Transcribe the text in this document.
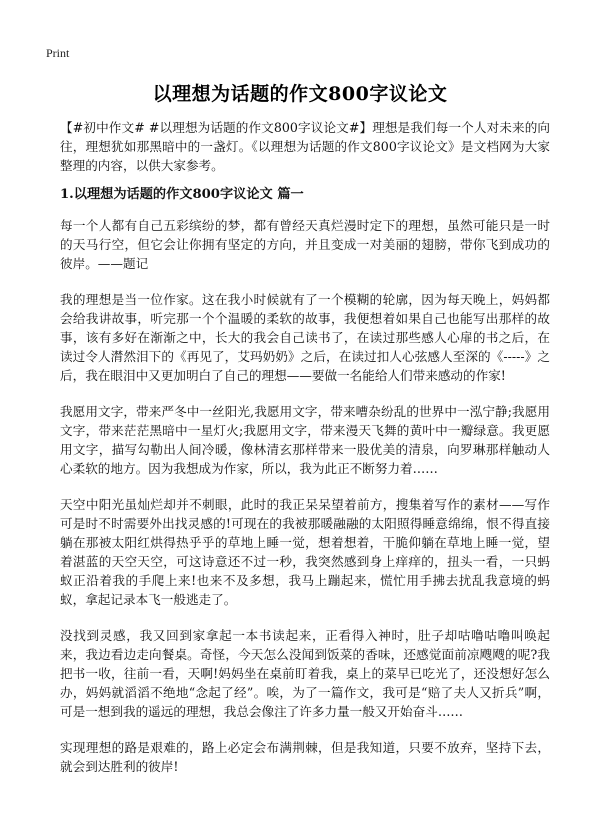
Print
以理想为话题的作文800字议论文

【#初中作文# #以理想为话题的作文800字议论文#】理想是我们每一个人对未来的向往，理想犹如那黑暗中的一盏灯。《以理想为话题的作文800字议论文》是文档网为大家整理的内容，以供大家参考。

1.以理想为话题的作文800字议论文 篇一

每一个人都有自己五彩缤纷的梦，都有曾经天真烂漫时定下的理想，虽然可能只是一时的天马行空，但它会让你拥有坚定的方向，并且变成一对美丽的翅膀，带你飞到成功的彼岸。——题记

我的理想是当一位作家。这在我小时候就有了一个模糊的轮廓，因为每天晚上，妈妈都会给我讲故事，听完那一个个温暖的柔软的故事，我便想着如果自己也能写出那样的故事，该有多好在渐渐之中，长大的我会自己读书了，在读过那些感人心扉的书之后，在读过令人潸然泪下的《再见了，艾玛奶奶》之后，在读过扣人心弦感人至深的《-----》之后，我在眼泪中又更加明白了自己的理想——要做一名能给人们带来感动的作家!

我愿用文字，带来严冬中一丝阳光,我愿用文字，带来嘈杂纷乱的世界中一泓宁静;我愿用文字，带来茫茫黑暗中一星灯火;我愿用文字，带来漫天飞舞的黄叶中一瓣绿意。我更愿用文字，描写勾勒出人间冷暖，像林清玄那样带来一股优美的清泉，向罗琳那样触动人心柔软的地方。因为我想成为作家，所以，我为此正不断努力着……

天空中阳光虽灿烂却并不刺眼，此时的我正呆呆望着前方，搜集着写作的素材——写作可是时不时需要外出找灵感的!可现在的我被那暖融融的太阳照得睡意绵绵，恨不得直接躺在那被太阳红烘得热乎乎的草地上睡一觉，想着想着，干脆仰躺在草地上睡一觉，望着湛蓝的天空天空，可这诗意还不过一秒，我突然感到身上痒痒的，扭头一看，一只蚂蚁正沿着我的手爬上来!也来不及多想，我马上蹦起来，慌忙用手拂去扰乱我意境的蚂蚁，拿起记录本飞一般逃走了。

没找到灵感，我又回到家拿起一本书读起来，正看得入神时，肚子却咕噜咕噜叫唤起来，我边看边走向餐桌。奇怪，今天怎么没闻到饭菜的香味，还感觉面前凉飕飕的呢?我把书一收，往前一看，天啊!妈妈坐在桌前盯着我，桌上的菜早已吃光了，还没想好怎么办，妈妈就滔滔不绝地“念起了经”。唉，为了一篇作文，我可是“赔了夫人又折兵”啊，可是一想到我的遥远的理想，我总会像注了许多力量一般又开始奋斗……

实现理想的路是艰难的，路上必定会布满荆棘，但是我知道，只要不放弃，坚持下去，就会到达胜利的彼岸!
